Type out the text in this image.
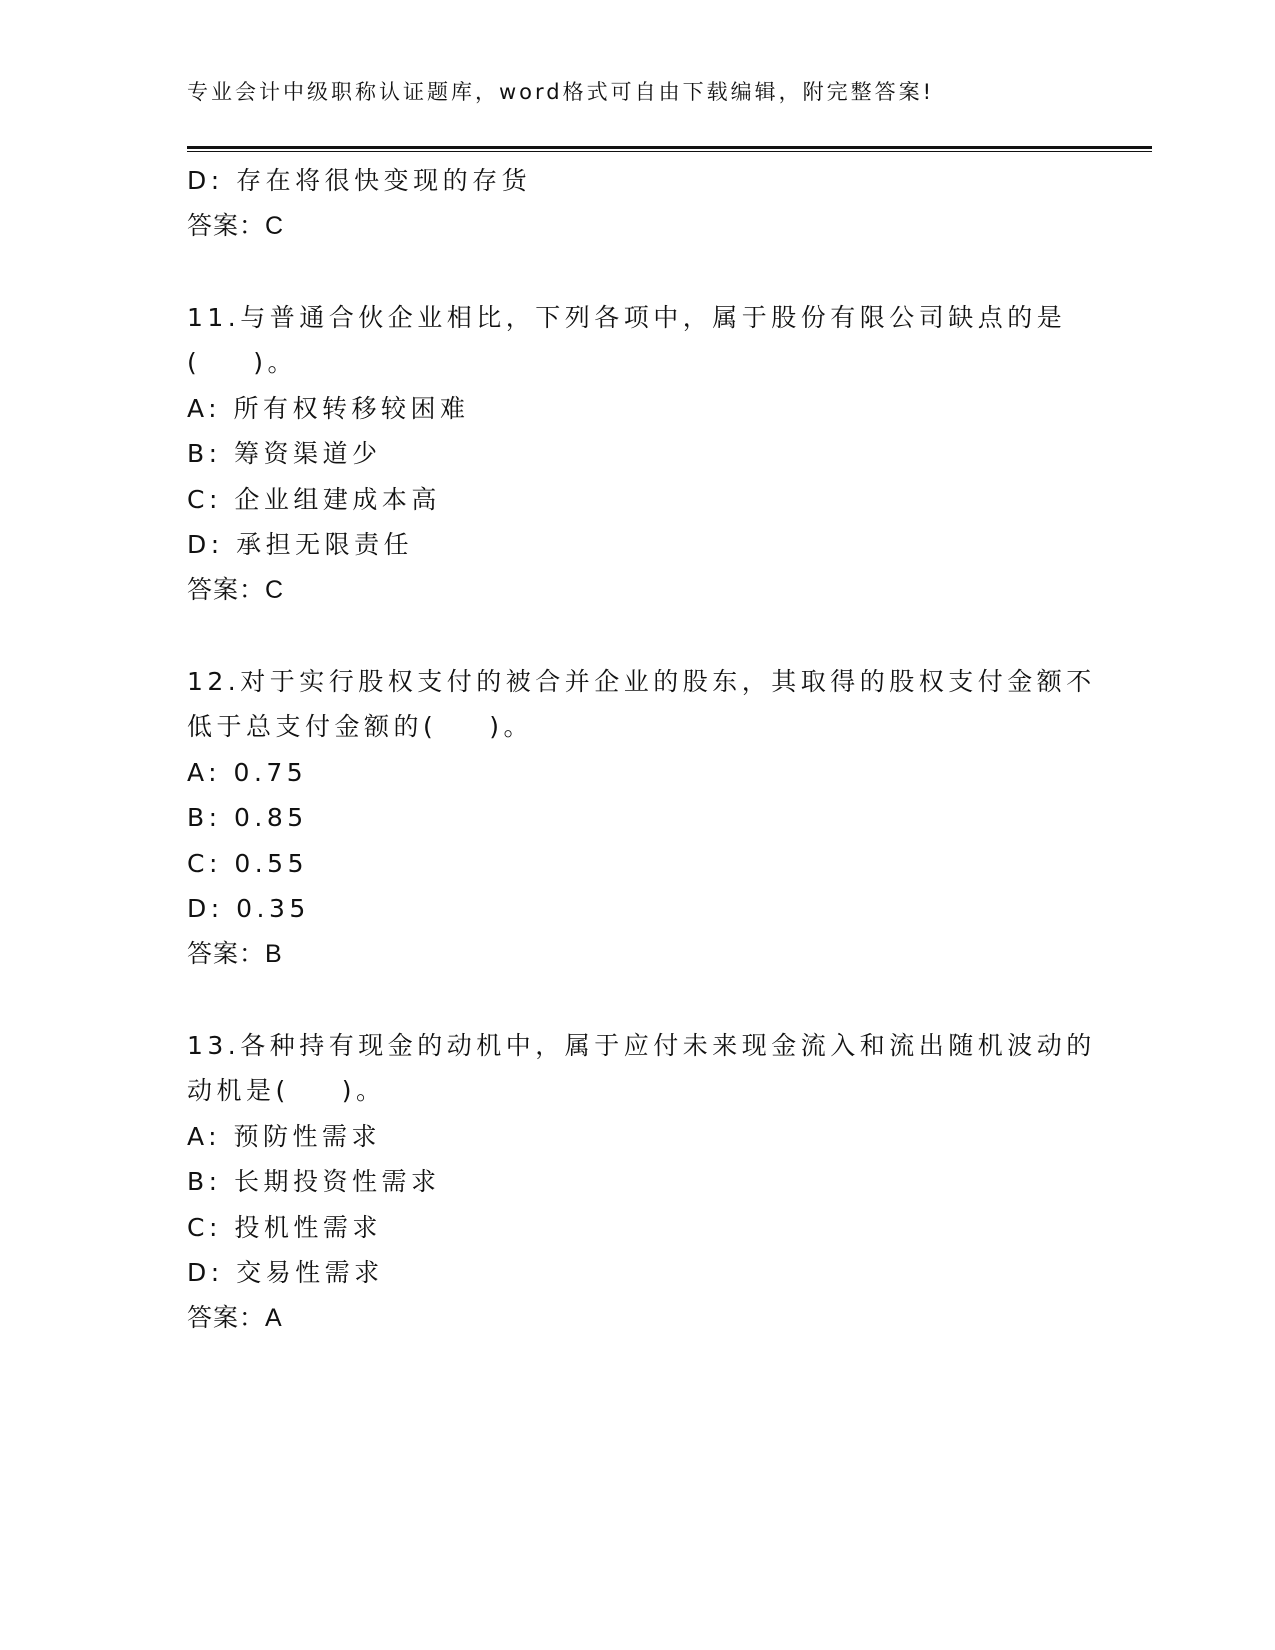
专业会计中级职称认证题库，word格式可自由下载编辑，附完整答案!
D: 存在将很快变现的存货
答案：C
11.与普通合伙企业相比，下列各项中，属于股份有限公司缺点的是
( )。
A: 所有权转移较困难
B: 筹资渠道少
C: 企业组建成本高
D: 承担无限责任
答案：C
12.对于实行股权支付的被合并企业的股东，其取得的股权支付金额不
低于总支付金额的( )。
A: 0.75
B: 0.85
C: 0.55
D: 0.35
答案：B
13.各种持有现金的动机中，属于应付未来现金流入和流出随机波动的
动机是( )。
A: 预防性需求
B: 长期投资性需求
C: 投机性需求
D: 交易性需求
答案：A
